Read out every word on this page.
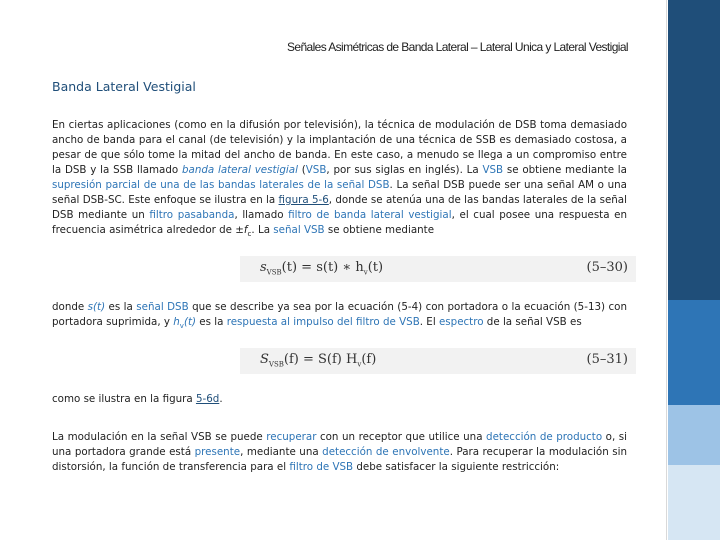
Señales Asimétricas de Banda Lateral – Lateral Unica y Lateral Vestigial
Banda Lateral Vestigial
En ciertas aplicaciones (como en la difusión por televisión), la técnica de modulación de DSB toma demasiado ancho de banda para el canal (de televisión) y la implantación de una técnica de SSB es demasiado costosa, a pesar de que sólo tome la mitad del ancho de banda. En este caso, a menudo se llega a un compromiso entre la DSB y la SSB llamado banda lateral vestigial (VSB, por sus siglas en inglés). La VSB se obtiene mediante la supresión parcial de una de las bandas laterales de la señal DSB. La señal DSB puede ser una señal AM o una señal DSB-SC. Este enfoque se ilustra en la figura 5-6, donde se atenúa una de las bandas laterales de la señal DSB mediante un filtro pasabanda, llamado filtro de banda lateral vestigial, el cual posee una respuesta en frecuencia asimétrica alrededor de $\pm f_c$. La señal VSB se obtiene mediante
$s_{VSB}(t) = s(t)$ ∗ $h_v(t)$	(5–30)
donde s(t) es la señal DSB que se describe ya sea por la ecuación (5-4) con portadora o la ecuación (5-13) con portadora suprimida, y $h_v(t)$ es la respuesta al impulso del filtro de VSB. El espectro de la señal VSB es
$S_{VSB}(f) = S(f)$ $H_v(f)$	(5–31)
como se ilustra en la figura 5-6d.
La modulación en la señal VSB se puede recuperar con un receptor que utilice una detección de producto o, si una portadora grande está presente, mediante una detección de envolvente. Para recuperar la modulación sin distorsión, la función de transferencia para el filtro de VSB debe satisfacer la siguiente restricción:
